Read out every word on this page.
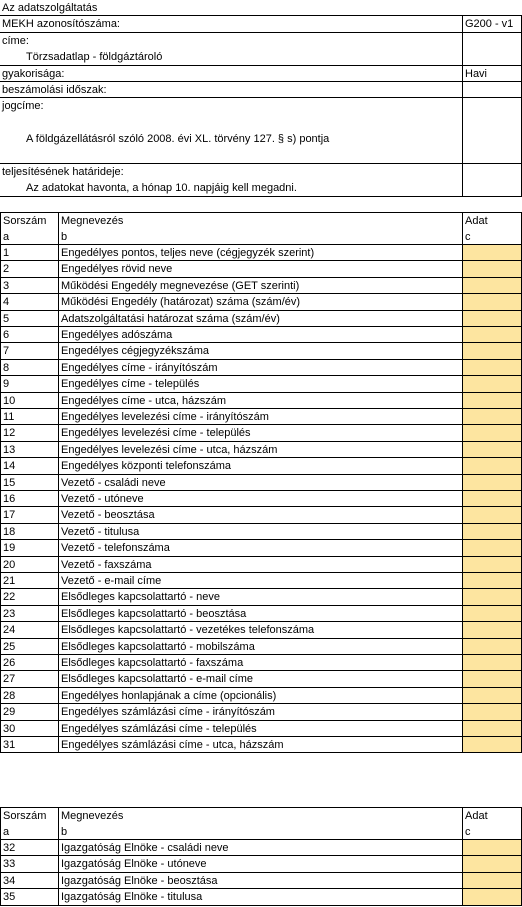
Az adatszolgáltatás
MEKH azonosítószáma:	G200 - v1
címe:
Törzsadatlap - földgáztároló
gyakorisága:	Havi
beszámolási időszak:
jogcíme:
A földgázellátásról szóló 2008. évi XL. törvény 127. § s) pontja
teljesítésének határideje:
Az adatokat havonta, a hónap 10. napjáig kell megadni.
Sorszám
a
Megnevezés
b
Adat
c
1	Engedélyes pontos, teljes neve (cégjegyzék szerint)
2	Engedélyes rövid neve
3	Működési Engedély megnevezése (GET szerinti)
4	Működési Engedély (határozat) száma (szám/év)
5	Adatszolgáltatási határozat száma (szám/év)
6	Engedélyes adószáma
7	Engedélyes cégjegyzékszáma
8	Engedélyes címe - irányítószám
9	Engedélyes címe - település
10	Engedélyes címe - utca, házszám
11	Engedélyes levelezési címe - irányítószám
12	Engedélyes levelezési címe - település
13	Engedélyes levelezési címe - utca, házszám
14	Engedélyes központi telefonszáma
15	Vezető - családi neve
16	Vezető - utóneve
17	Vezető - beosztása
18	Vezető - titulusa
19	Vezető - telefonszáma
20	Vezető - faxszáma
21	Vezető - e-mail címe
22	Elsődleges kapcsolattartó - neve
23	Elsődleges kapcsolattartó - beosztása
24	Elsődleges kapcsolattartó - vezetékes telefonszáma
25	Elsődleges kapcsolattartó - mobilszáma
26	Elsődleges kapcsolattartó - faxszáma
27	Elsődleges kapcsolattartó - e-mail címe
28	Engedélyes honlapjának a címe (opcionális)
29	Engedélyes számlázási címe - irányítószám
30	Engedélyes számlázási címe - település
31	Engedélyes számlázási címe - utca, házszám
Sorszám
a
Megnevezés
b
Adat
c
32	Igazgatóság Elnöke - családi neve
33	Igazgatóság Elnöke - utóneve
34	Igazgatóság Elnöke - beosztása
35	Igazgatóság Elnöke - titulusa
